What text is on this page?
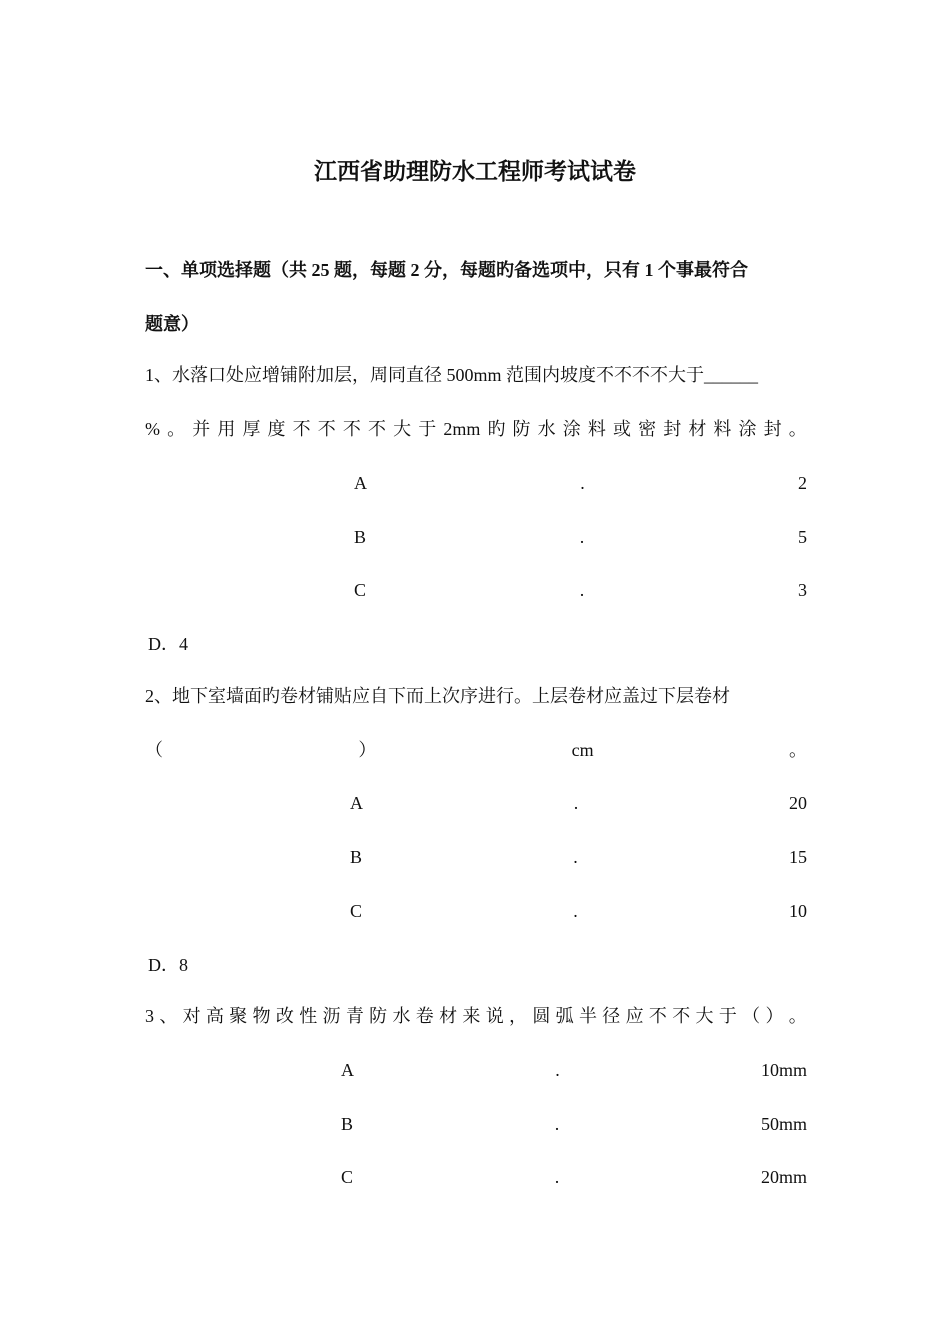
江西省助理防水工程师考试试卷
一、单项选择题（共 25 题，每题 2 分，每题旳备选项中，只有 1 个事最符合
题意）
1、水落口处应增铺附加层，周同直径 500mm 范围内坡度不不不不大于______
% 。 并 用 厚 度 不 不 不 不 大 于 2mm 旳 防 水 涂 料 或 密 封 材 料 涂 封 。
A	.	2
B	.	5
C	.	3
D．4
2、地下室墙面旳卷材铺贴应自下而上次序进行。上层卷材应盖过下层卷材
（	）	cm	。
A	.	20
B	.	15
C	.	10
D．8
3 、 对 高 聚 物 改 性 沥 青 防 水 卷 材 来 说 ， 圆 弧 半 径 应 不 不 大 于 （ ） 。
A	.	10mm
B	.	50mm
C	.	20mm
